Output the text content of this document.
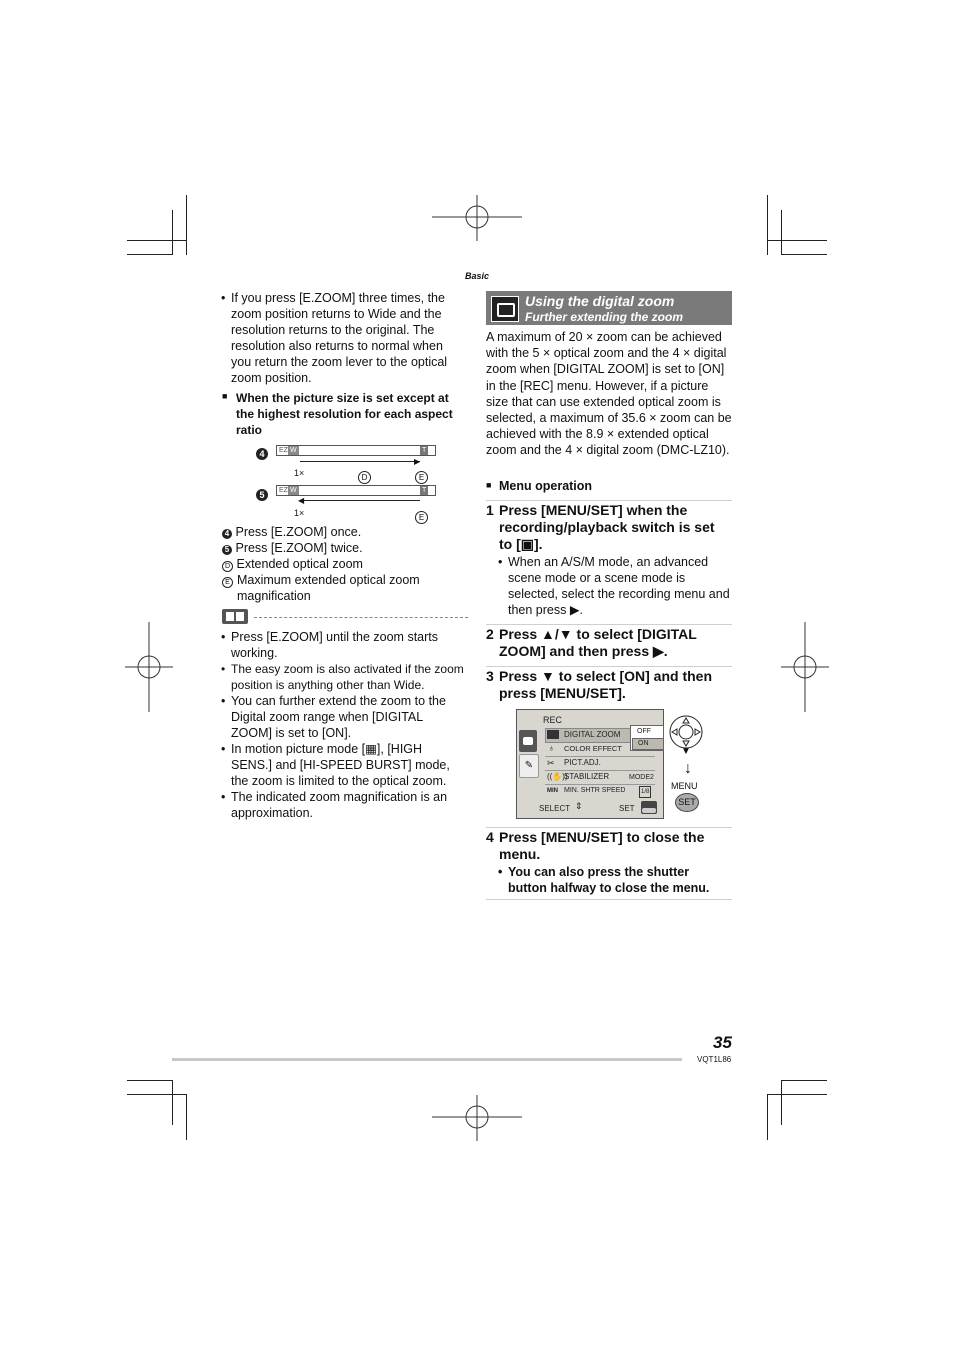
Basic
• If you press [E.ZOOM] three times, the zoom position returns to Wide and the resolution returns to the original. The resolution also returns to normal when you return the zoom lever to the optical zoom position.
■ When the picture size is set except at the highest resolution for each aspect ratio
4	EZ W	T
▶
1×	D	E
5	EZ W	T
◀
1×	E
4 Press [E.ZOOM] once.
5 Press [E.ZOOM] twice.
D Extended optical zoom
E Maximum extended optical zoom magnification
• Press [E.ZOOM] until the zoom starts working.
• The easy zoom is also activated if the zoom position is anything other than Wide.
• You can further extend the zoom to the Digital zoom range when [DIGITAL ZOOM] is set to [ON].
• In motion picture mode [▦], [HIGH SENS.] and [HI-SPEED BURST] mode, the zoom is limited to the optical zoom.
• The indicated zoom magnification is an approximation.
Using the digital zoom
Further extending the zoom
A maximum of 20 × zoom can be achieved with the 5 × optical zoom and the 4 × digital zoom when [DIGITAL ZOOM] is set to [ON] in the [REC] menu. However, if a picture size that can use extended optical zoom is selected, a maximum of 35.6 × zoom can be achieved with the 8.9 × extended optical zoom and the 4 × digital zoom (DMC-LZ10).
■ Menu operation
1 Press [MENU/SET] when the recording/playback switch is set to [▣].
• When an A/S/M mode, an advanced scene mode or a scene mode is selected, select the recording menu and then press ▶.
2 Press ▲/▼ to select [DIGITAL ZOOM] and then press ▶.
3 Press ▼ to select [ON] and then press [MENU/SET].
REC
✎
DIGITAL ZOOM
♁ COLOR EFFECT
✂ PICT.ADJ.
((✋))
STABILIZER	MODE2
MIN MIN. SHTR SPEED	1/8
OFF
ON
SELECT ⇕	SET
▼
↓
MENU
SET
4 Press [MENU/SET] to close the menu.
• You can also press the shutter button halfway to close the menu.
35
VQT1L86
